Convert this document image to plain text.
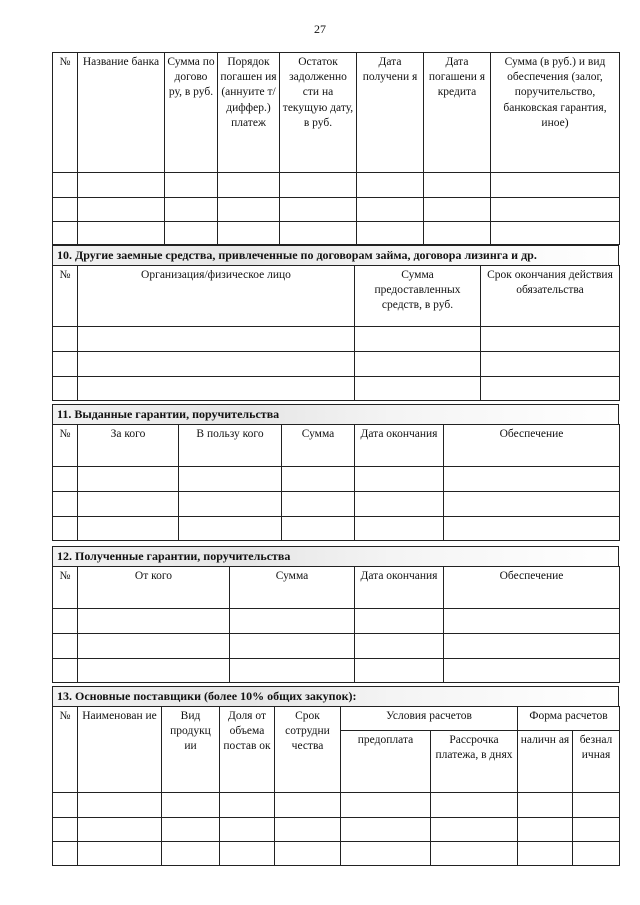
27
№	Название банка	Сумма по догово ру, в руб.	Порядок погашен ия (аннуите т/ диффер.) платеж	Остаток задолженно сти на текущую дату, в руб.	Дата получени я	Дата погашени я кредита	Сумма (в руб.) и вид обеспечения (залог, поручительство, банковская гарантия, иное)

10. Другие заемные средства, привлеченные по договорам займа, договора лизинга и др.
№	Организация/физическое лицо	Сумма предоставленных средств, в руб.	Срок окончания действия обязательства

11. Выданные гарантии, поручительства
№	За кого	В пользу кого	Сумма	Дата окончания	Обеспечение

12. Полученные гарантии, поручительства
№	От кого	Сумма	Дата окончания	Обеспечение

13. Основные поставщики (более 10% общих закупок):
№	Наименован ие	Вид продукц ии	Доля от объема постав ок	Срок сотрудни чества	Условия расчетов		Форма расчетов	
					предоплата	Рассрочка платежа, в днях	наличн ая	безнал ичная
